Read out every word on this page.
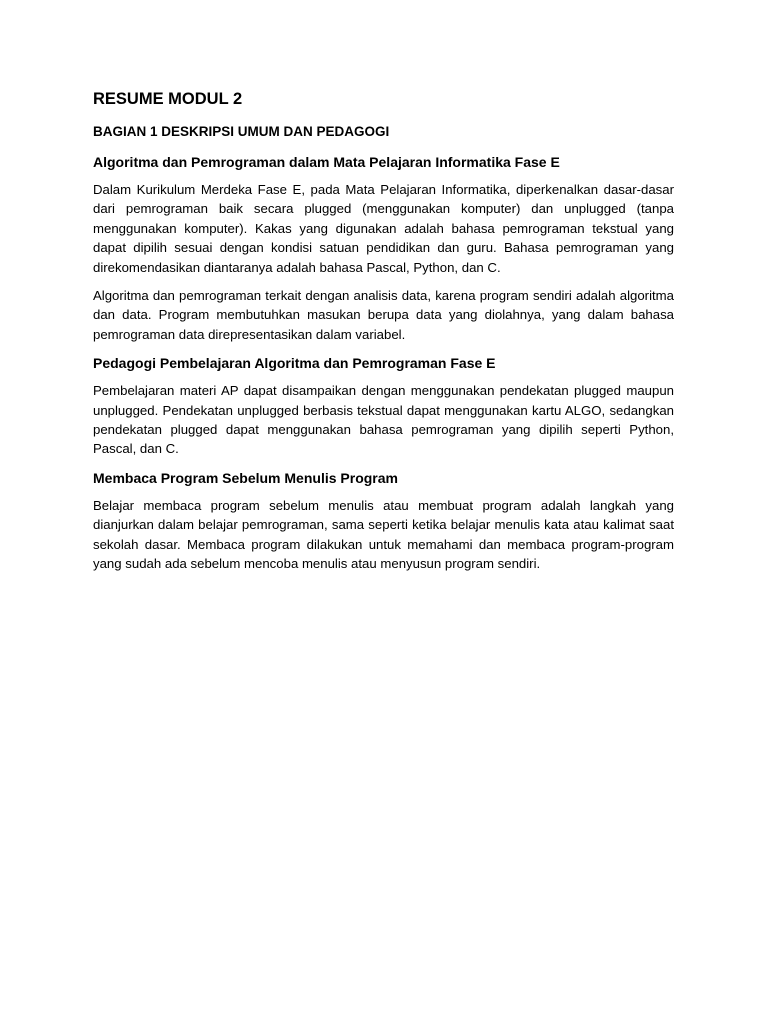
RESUME MODUL 2
BAGIAN 1 DESKRIPSI UMUM DAN PEDAGOGI
Algoritma dan Pemrograman dalam Mata Pelajaran Informatika Fase E

Dalam Kurikulum Merdeka Fase E, pada Mata Pelajaran Informatika, diperkenalkan dasar-dasar dari pemrograman baik secara plugged (menggunakan komputer) dan unplugged (tanpa menggunakan komputer). Kakas yang digunakan adalah bahasa pemrograman tekstual yang dapat dipilih sesuai dengan kondisi satuan pendidikan dan guru. Bahasa pemrograman yang direkomendasikan diantaranya adalah bahasa Pascal, Python, dan C.

Algoritma dan pemrograman terkait dengan analisis data, karena program sendiri adalah algoritma dan data. Program membutuhkan masukan berupa data yang diolahnya, yang dalam bahasa pemrograman data direpresentasikan dalam variabel.

Pedagogi Pembelajaran Algoritma dan Pemrograman Fase E

Pembelajaran materi AP dapat disampaikan dengan menggunakan pendekatan plugged maupun unplugged. Pendekatan unplugged berbasis tekstual dapat menggunakan kartu ALGO, sedangkan pendekatan plugged dapat menggunakan bahasa pemrograman yang dipilih seperti Python, Pascal, dan C.

Membaca Program Sebelum Menulis Program

Belajar membaca program sebelum menulis atau membuat program adalah langkah yang dianjurkan dalam belajar pemrograman, sama seperti ketika belajar menulis kata atau kalimat saat sekolah dasar. Membaca program dilakukan untuk memahami dan membaca program-program yang sudah ada sebelum mencoba menulis atau menyusun program sendiri.
